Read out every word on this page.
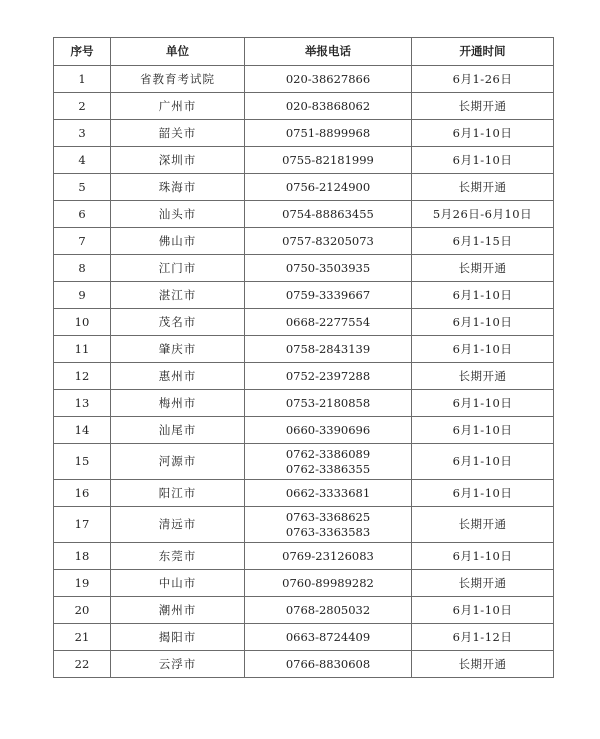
序号	单位	举报电话	开通时间
1	省教育考试院	020-38627866	6月1-26日
2	广州市	020-83868062	长期开通
3	韶关市	0751-8899968	6月1-10日
4	深圳市	0755-82181999	6月1-10日
5	珠海市	0756-2124900	长期开通
6	汕头市	0754-88863455	5月26日-6月10日
7	佛山市	0757-83205073	6月1-15日
8	江门市	0750-3503935	长期开通
9	湛江市	0759-3339667	6月1-10日
10	茂名市	0668-2277554	6月1-10日
11	肇庆市	0758-2843139	6月1-10日
12	惠州市	0752-2397288	长期开通
13	梅州市	0753-2180858	6月1-10日
14	汕尾市	0660-3390696	6月1-10日
15	河源市	0762-3386089
0762-3386355	6月1-10日
16	阳江市	0662-3333681	6月1-10日
17	清远市	0763-3368625
0763-3363583	长期开通
18	东莞市	0769-23126083	6月1-10日
19	中山市	0760-89989282	长期开通
20	潮州市	0768-2805032	6月1-10日
21	揭阳市	0663-8724409	6月1-12日
22	云浮市	0766-8830608	长期开通
